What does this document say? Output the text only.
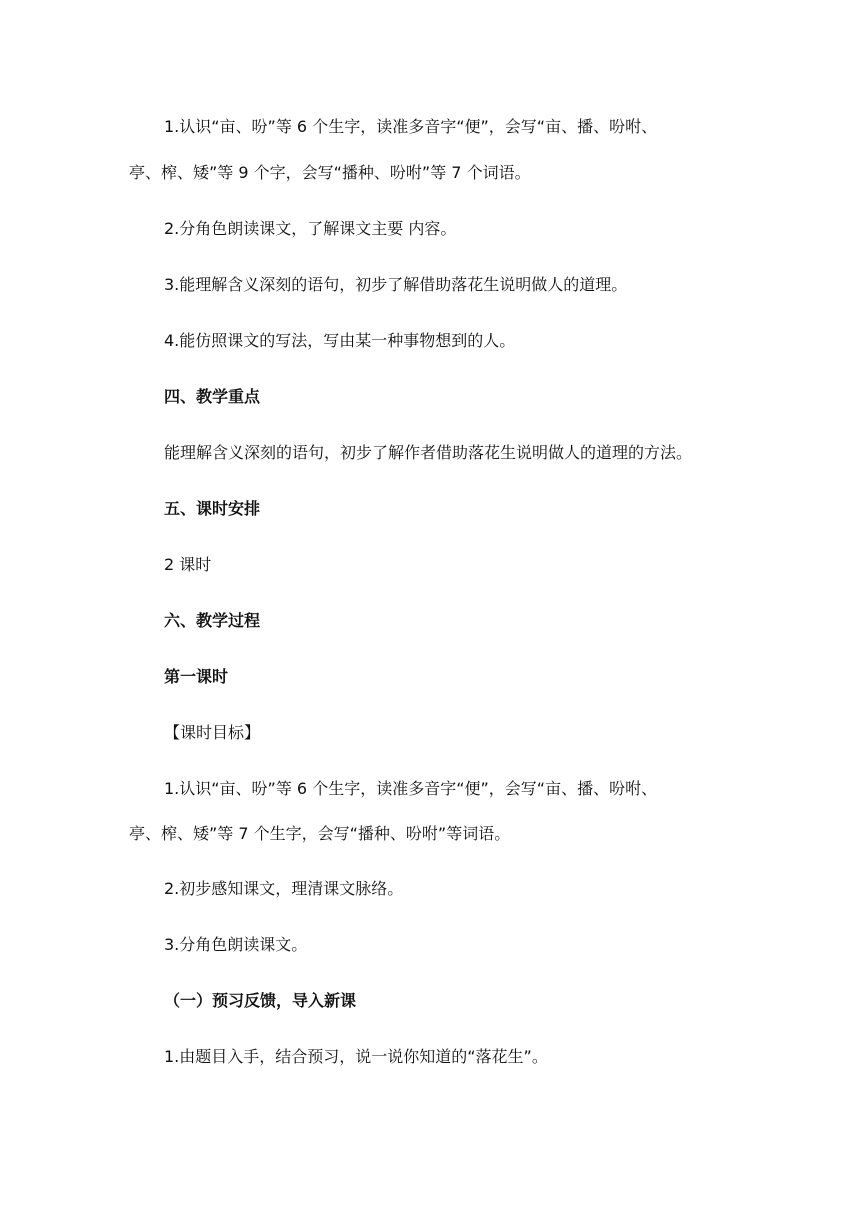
1.认识“亩、吩”等 6 个生字，读准多音字“便”，会写“亩、播、吩咐、
亭、榨、矮”等 9 个字，会写“播种、吩咐”等 7 个词语。
2.分角色朗读课文，了解课文主要 内容。
3.能理解含义深刻的语句，初步了解借助落花生说明做人的道理。
4.能仿照课文的写法，写由某一种事物想到的人。
四、教学重点
能理解含义深刻的语句，初步了解作者借助落花生说明做人的道理的方法。
五、课时安排
2 课时
六、教学过程
第一课时
【课时目标】
1.认识“亩、吩”等 6 个生字，读准多音字“便”，会写“亩、播、吩咐、
亭、榨、矮”等 7 个生字，会写“播种、吩咐”等词语。
2.初步感知课文，理清课文脉络。
3.分角色朗读课文。
（一）预习反馈，导入新课
1.由题目入手，结合预习，说一说你知道的“落花生”。
